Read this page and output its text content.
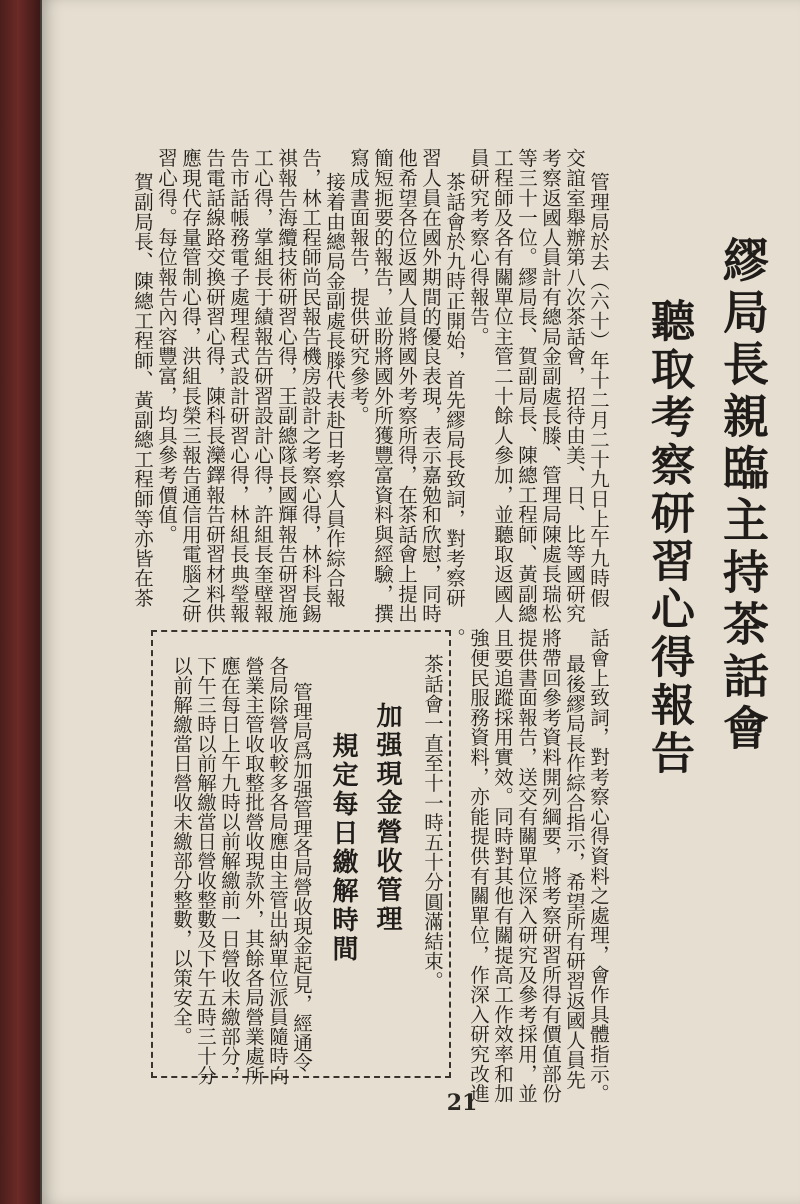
繆局長親臨主持茶話會
聽取考察研習心得報告
話會上致詞，對考察心得資料之處理，會作具體指示。
最後繆局長作綜合指示，希望所有研習返國人員先
將帶回參考資料開列綱要，將考察研習所得有價值部份
提供書面報告，送交有關單位深入研究及參考採用，並
且要追蹤採用實效。同時對其他有關提高工作效率和加
強便民服務資料，亦能提供有關單位，作深入研究改進
。
茶話會一直至十一時五十分圓滿結束。
管理局於去（六十）年十二月二十九日上午九時假
交誼室舉辦第八次茶話會，招待由美、日、比等國研究
考察返國人員計有總局金副處長滕、管理局陳處長瑞松
等三十一位。繆局長、賀副局長、陳總工程師、黃副總
工程師及各有關單位主管二十餘人參加，並聽取返國人
員研究考察心得報告。
茶話會於九時正開始，首先繆局長致詞，對考察研
習人員在國外期間的優良表現，表示嘉勉和欣慰，同時
他希望各位返國人員將國外考察所得，在茶話會上提出
簡短扼要的報告，並盼將國外所獲豐富資料與經驗，撰
寫成書面報告，提供研究參考。
接着由總局金副處長滕代表赴日考察人員作綜合報
告，林工程師尚民報告機房設計之考察心得，林科長錫
祺報告海纜技術研習心得，王副總隊長國輝報告研習施
工心得，掌組長于績報告研習設計心得，許組長奎壁報
告市話帳務電子處理程式設計研習心得，林組長典瑩報
告電話線路交換研習心得，陳科長灤鐸報告研習材料供
應現代存量管制心得，洪組長榮三報告通信用電腦之研
習心得。每位報告內容豐富，均具參考價值。
賀副局長、陳總工程師、黃副總工程師等亦皆在茶
加强現金營收管理
規定每日繳解時間
管理局爲加强管理各局營收現金起見，經通令
各局除營收較多各局應由主管出納單位派員隨時向
營業主管收取整批營收現款外，其餘各局營業處所
應在每日上午九時以前解繳前一日營收未繳部分，
下午三時以前解繳當日營收整數及下午五時三十分
以前解繳當日營收未繳部分整數，以策安全。
21
